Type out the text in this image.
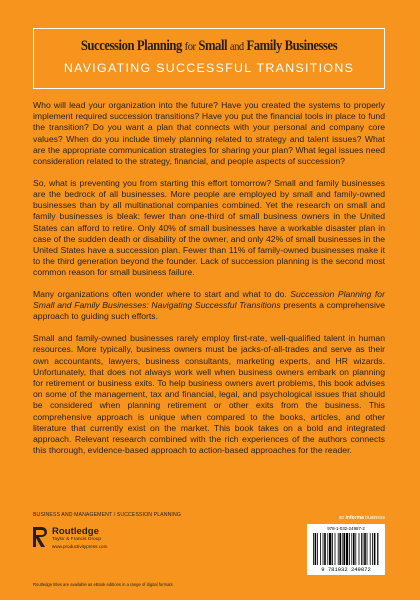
Succession Planning for Small and Family Businesses
NAVIGATING SUCCESSFUL TRANSITIONS

Who will lead your organization into the future? Have you created the systems to properly implement required succession transitions? Have you put the financial tools in place to fund the transition? Do you want a plan that connects with your personal and company core values? When do you include timely planning related to strategy and talent issues? What are the appropriate communication strategies for sharing your plan? What legal issues need consideration related to the strategy, financial, and people aspects of succession?

So, what is preventing you from starting this effort tomorrow? Small and family businesses are the bedrock of all businesses. More people are employed by small and family-owned businesses than by all multinational companies combined. Yet the research on small and family businesses is bleak: fewer than one-third of small business owners in the United States can afford to retire. Only 40% of small businesses have a workable disaster plan in case of the sudden death or disability of the owner, and only 42% of small businesses in the United States have a succession plan. Fewer than 11% of family-owned businesses make it to the third generation beyond the founder. Lack of succession planning is the second most common reason for small business failure.

Many organizations often wonder where to start and what to do. Succession Planning for Small and Family Businesses: Navigating Successful Transitions presents a comprehensive approach to guiding such efforts.

Small and family-owned businesses rarely employ first-rate, well-qualified talent in human resources. More typically, business owners must be jacks-of-all-trades and serve as their own accountants, lawyers, business consultants, marketing experts, and HR wizards. Unfortunately, that does not always work well when business owners embark on planning for retirement or business exits. To help business owners avert problems, this book advises on some of the management, tax and financial, legal, and psychological issues that should be considered when planning retirement or other exits from the business. This comprehensive approach is unique when compared to the books, articles, and other literature that currently exist on the market. This book takes on a bold and integrated approach. Relevant research combined with the rich experiences of the authors connects this thorough, evidence-based approach to action-based approaches for the reader.

BUSINESS AND MANAGEMENT / SUCCESSION PLANNING
Routledge
Taylor & Francis Group
www.productivitypress.com
Routledge titles are available as eBook editions in a range of digital formats
an informa business
978-1-032-24987-2
9 781032 249872
